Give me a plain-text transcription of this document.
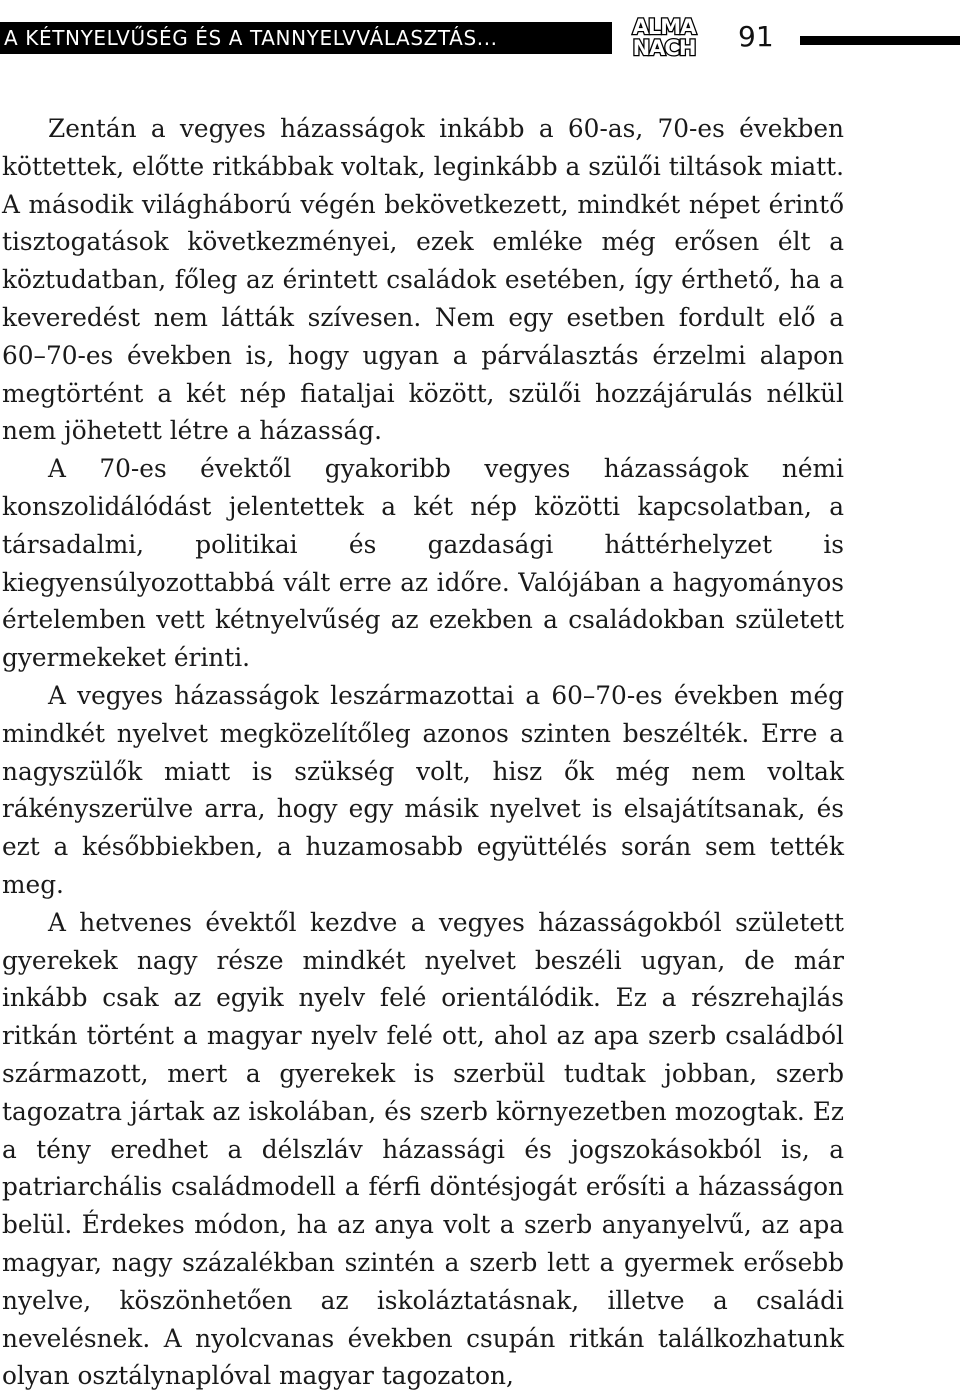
A KÉTNYELVŰSÉG ÉS A TANNYELVVÁLASZTÁS...	ALMA
NACH 91

Zentán a vegyes házasságok inkább a 60-as, 70-es években köttettek, előtte ritkábbak voltak, leginkább a szülői tiltások miatt. A második világháború végén bekövetkezett, mindkét népet érintő tisztogatások következményei, ezek emléke még erősen élt a köztudatban, főleg az érintett családok esetében, így érthető, ha a keveredést nem látták szívesen. Nem egy esetben fordult elő a 60–70-es években is, hogy ugyan a párválasztás érzelmi alapon megtörtént a két nép fiataljai között, szülői hozzájárulás nélkül nem jöhetett létre a házasság.

A 70-es évektől gyakoribb vegyes házasságok némi konszolidálódást jelentettek a két nép közötti kapcsolatban, a társadalmi, politikai és gazdasági háttérhelyzet is kiegyensúlyozottabbá vált erre az időre. Valójában a hagyományos értelemben vett kétnyelvűség az ezekben a családokban született gyermekeket érinti.

A vegyes házasságok leszármazottai a 60–70-es években még mindkét nyelvet megközelítőleg azonos szinten beszélték. Erre a nagyszülők miatt is szükség volt, hisz ők még nem voltak rákényszerülve arra, hogy egy másik nyelvet is elsajátítsanak, és ezt a későbbiekben, a huzamosabb együttélés során sem tették meg.

A hetvenes évektől kezdve a vegyes házasságokból született gyerekek nagy része mindkét nyelvet beszéli ugyan, de már inkább csak az egyik nyelv felé orientálódik. Ez a részrehajlás ritkán történt a magyar nyelv felé ott, ahol az apa szerb családból származott, mert a gyerekek is szerbül tudtak jobban, szerb tagozatra jártak az iskolában, és szerb környezetben mozogtak. Ez a tény eredhet a délszláv házassági és jogszokásokból is, a patriarchális családmodell a férfi döntésjogát erősíti a házasságon belül. Érdekes módon, ha az anya volt a szerb anyanyelvű, az apa magyar, nagy százalékban szintén a szerb lett a gyermek erősebb nyelve, köszönhetően az iskoláztatásnak, illetve a családi nevelésnek. A nyolcvanas években csupán ritkán találkozhatunk olyan osztálynaplóval magyar tagozaton,
